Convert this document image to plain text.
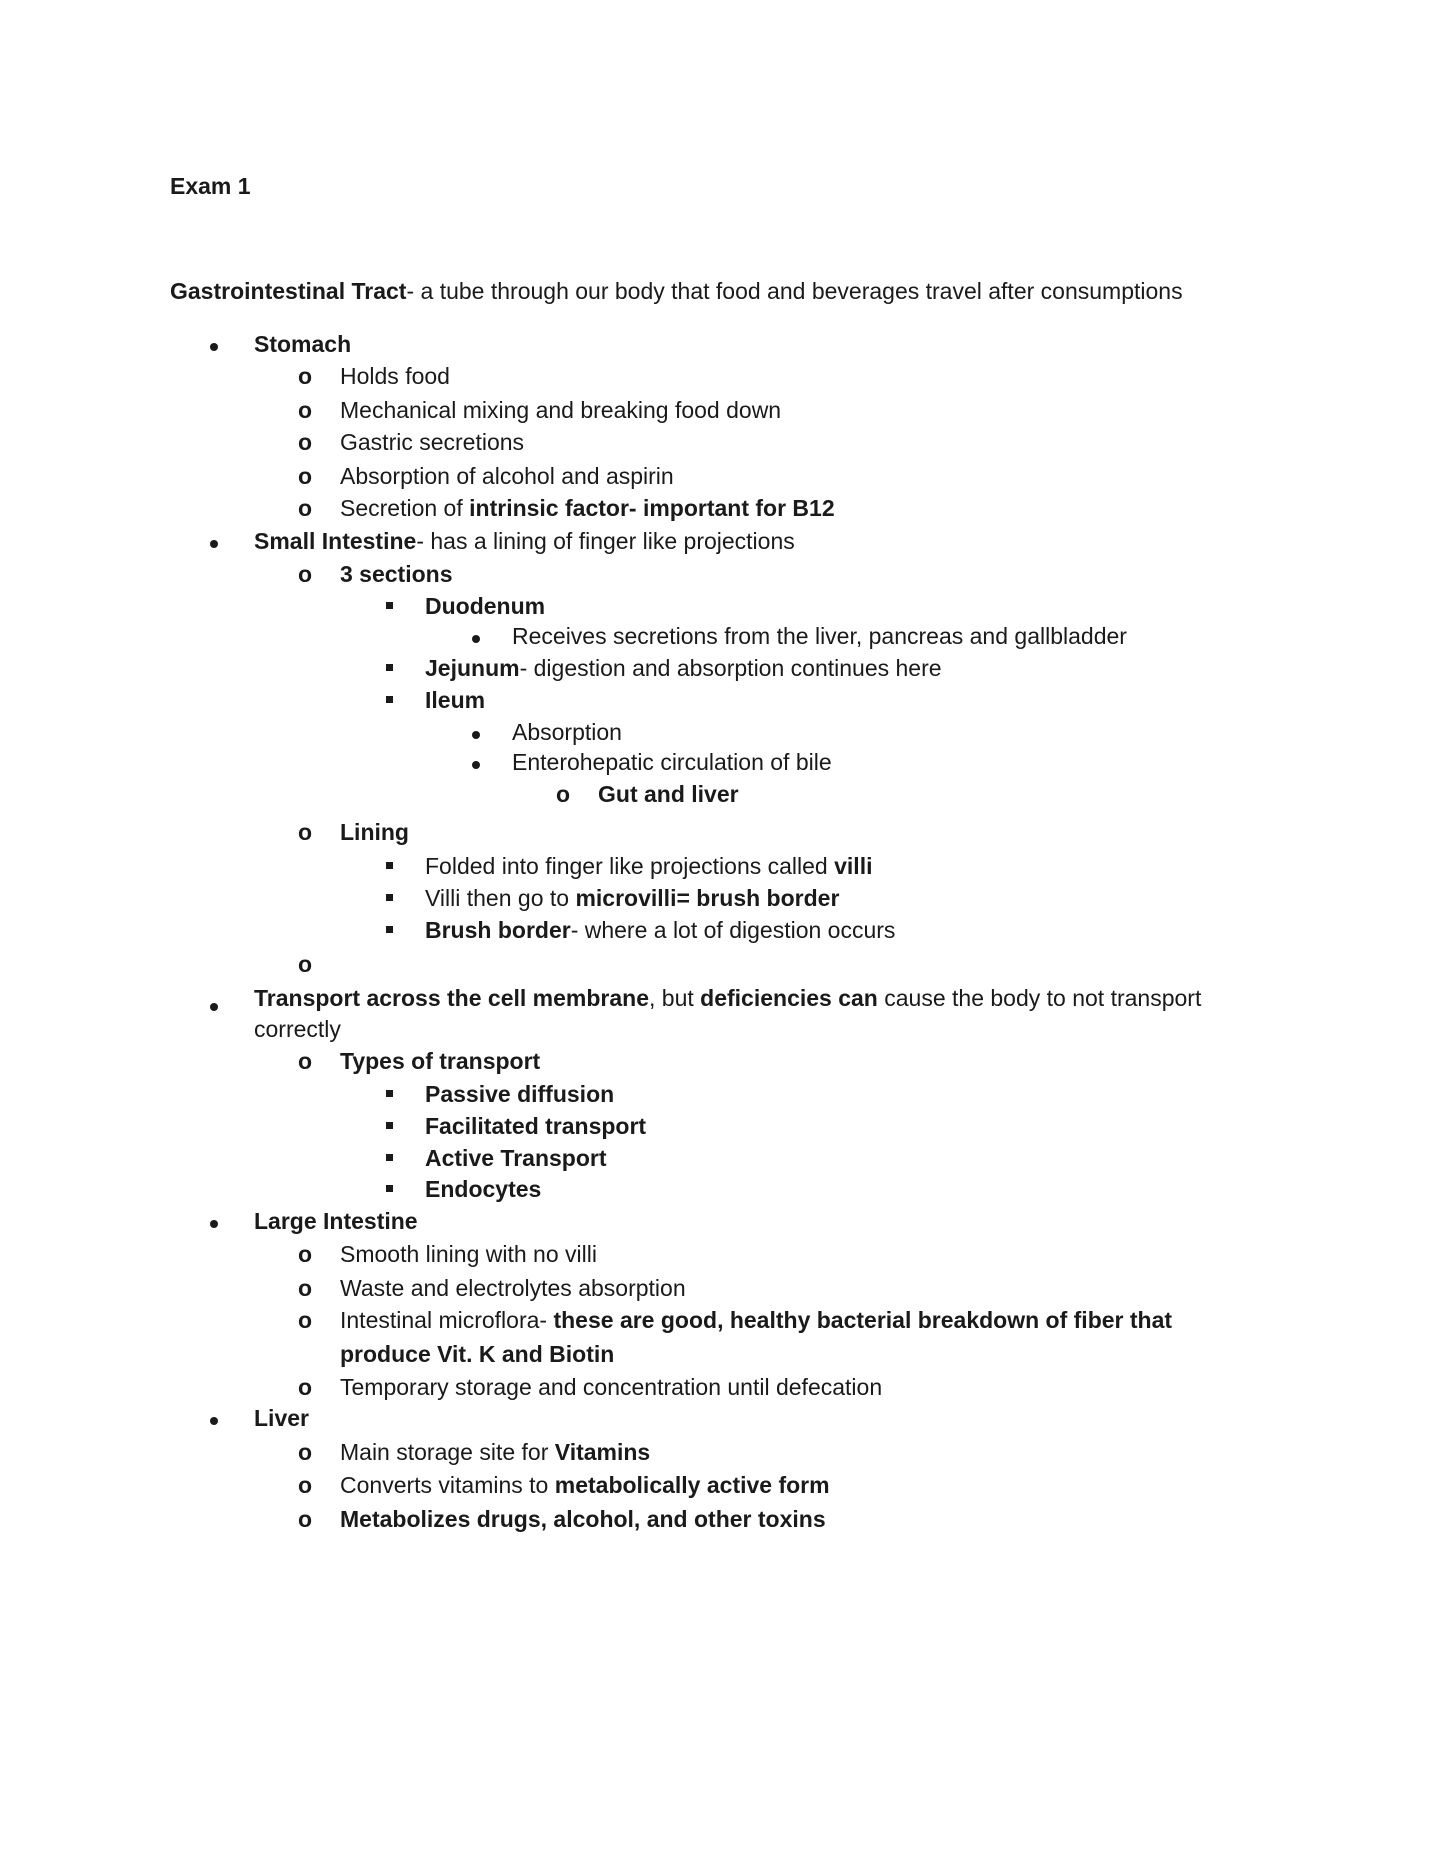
Exam 1
Gastrointestinal Tract- a tube through our body that food and beverages travel after consumptions
Stomach
o Holds food
o Mechanical mixing and breaking food down
o Gastric secretions
o Absorption of alcohol and aspirin
o Secretion of intrinsic factor- important for B12
Small Intestine- has a lining of finger like projections
o 3 sections
Duodenum
Receives secretions from the liver, pancreas and gallbladder
Jejunum- digestion and absorption continues here
Ileum
Absorption
Enterohepatic circulation of bile
o Gut and liver
o Lining
Folded into finger like projections called villi
Villi then go to microvilli= brush border
Brush border- where a lot of digestion occurs
o
Transport across the cell membrane, but deficiencies can cause the body to not transport correctly
o Types of transport
Passive diffusion
Facilitated transport
Active Transport
Endocytes
Large Intestine
o Smooth lining with no villi
o Waste and electrolytes absorption
o Intestinal microflora- these are good, healthy bacterial breakdown of fiber that produce Vit. K and Biotin
o Temporary storage and concentration until defecation
Liver
o Main storage site for Vitamins
o Converts vitamins to metabolically active form
o Metabolizes drugs, alcohol, and other toxins
